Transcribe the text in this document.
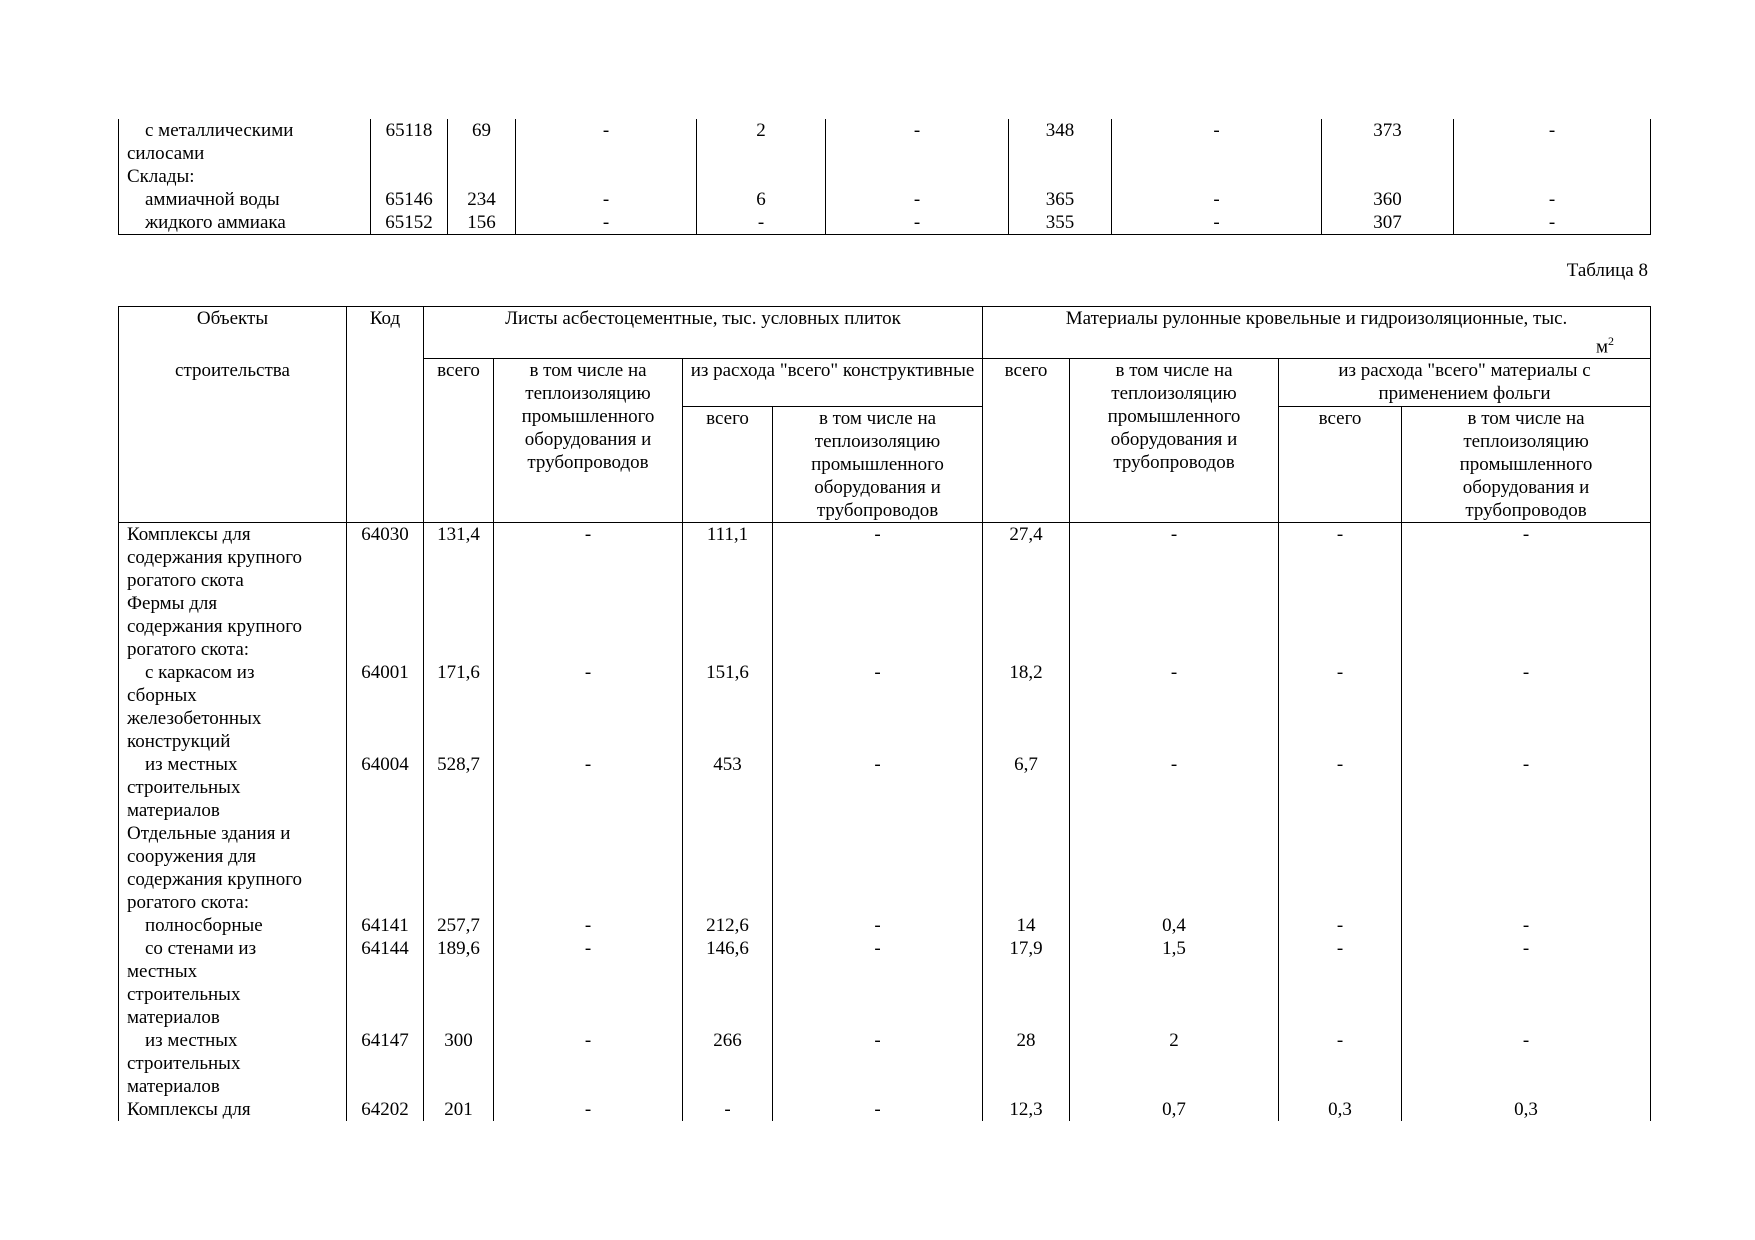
с металлическими
силосами	65118	69	-	2	-	348	-	373	-

Склады:									

аммиачной воды	65146	234	-	6	-	365	-	360	-

жидкого аммиака	65152	156	-	-	-	355	-	307	-
Таблица 8
Объекты	Код	Листы асбестоцементные, тыс. условных плиток				Материалы рулонные кровельные и гидроизоляционные, тыс.
$м^2$

строительства		всего	в том числе на теплоизоляцию промышленного оборудования и трубопроводов	из расхода "всего" конструктивные		всего	в том числе на теплоизоляцию промышленного оборудования и трубопроводов	из расхода "всего" материалы с применением фольги	
				всего	в том числе на теплоизоляцию промышленного оборудования и трубопроводов			всего	в том числе на теплоизоляцию промышленного оборудования и трубопроводов

Комплексы для
содержания крупного
рогатого скота	64030	131,4	-	111,1	-	27,4	-	-	-

Фермы для
содержания крупного
рогатого скота:									

с каркасом из
сборных
железобетонных
конструкций	64001	171,6	-	151,6	-	18,2	-	-	-

из местных
строительных
материалов	64004	528,7	-	453	-	6,7	-	-	-

Отдельные здания и
сооружения для
содержания крупного
рогатого скота:									

полносборные	64141	257,7	-	212,6	-	14	0,4	-	-

со стенами из
местных
строительных
материалов	64144	189,6	-	146,6	-	17,9	1,5	-	-

из местных
строительных
материалов	64147	300	-	266	-	28	2	-	-

Комплексы для	64202	201	-	-	-	12,3	0,7	0,3	0,3
